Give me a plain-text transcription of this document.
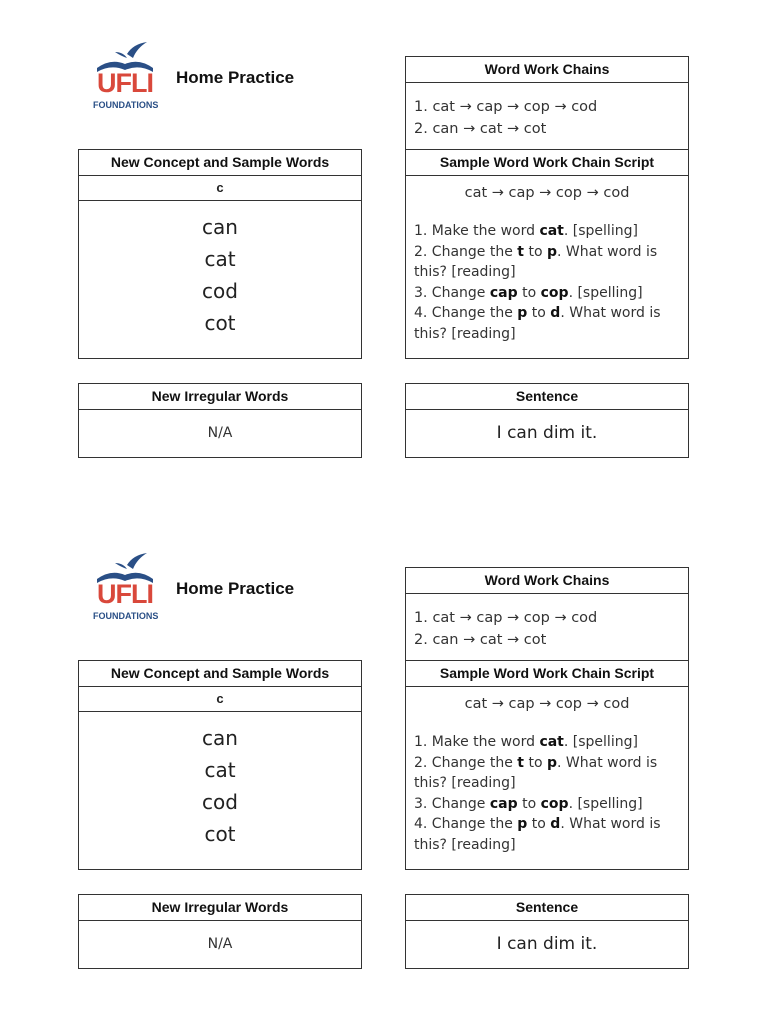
UFLI
FOUNDATIONS
Home Practice
New Concept and Sample Words
c
can
cat
cod
cot
New Irregular Words
N/A
Word Work Chains
1. cat → cap → cop → cod
2. can → cat → cot
Sample Word Work Chain Script
cat → cap → cop → cod
1. Make the word cat. [spelling]
2. Change the t to p. What word is this? [reading]
3. Change cap to cop. [spelling]
4. Change the p to d. What word is this? [reading]
Sentence
I can dim it.
UFLI
FOUNDATIONS
Home Practice
New Concept and Sample Words
c
can
cat
cod
cot
New Irregular Words
N/A
Word Work Chains
1. cat → cap → cop → cod
2. can → cat → cot
Sample Word Work Chain Script
cat → cap → cop → cod
1. Make the word cat. [spelling]
2. Change the t to p. What word is this? [reading]
3. Change cap to cop. [spelling]
4. Change the p to d. What word is this? [reading]
Sentence
I can dim it.
